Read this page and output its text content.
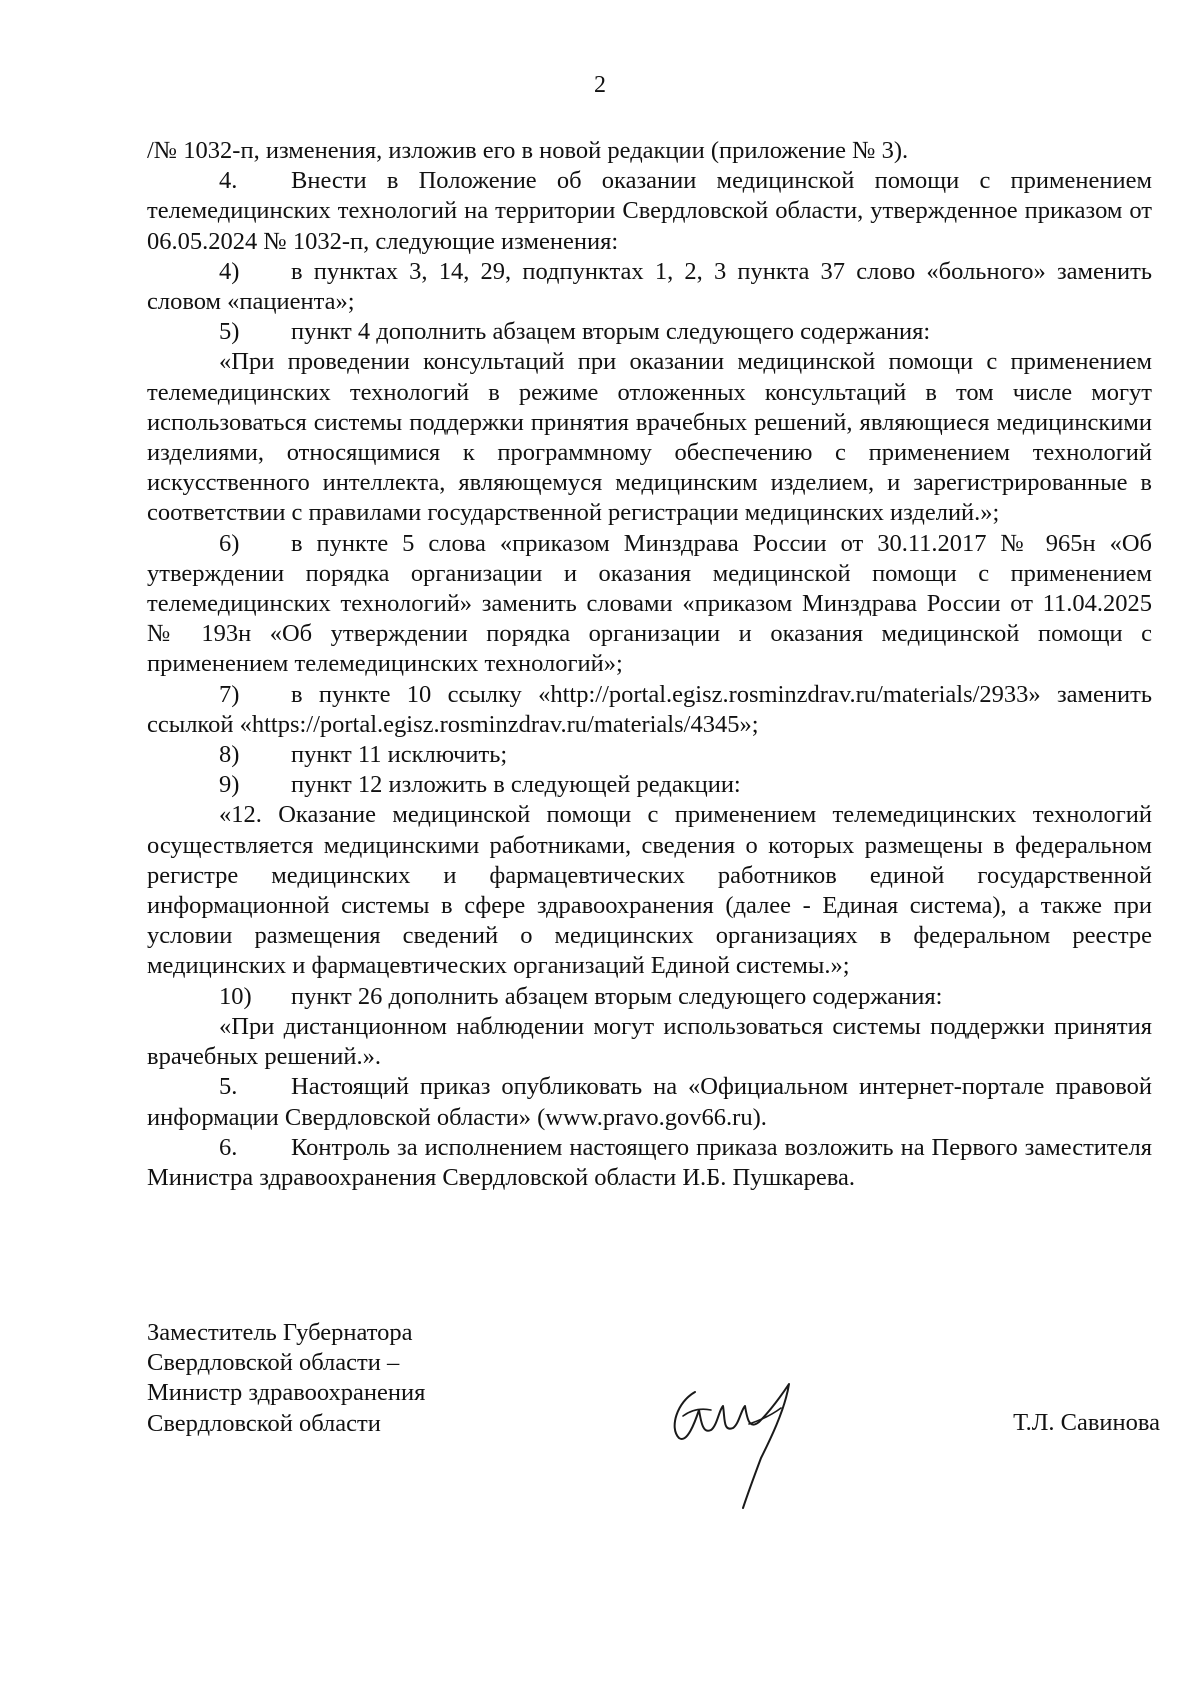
2

/№ 1032-п, изменения, изложив его в новой редакции (приложение № 3).

4. Внести в Положение об оказании медицинской помощи с применением телемедицинских технологий на территории Свердловской области, утвержденное приказом от 06.05.2024 № 1032-п, следующие изменения:

4) в пунктах 3, 14, 29, подпунктах 1, 2, 3 пункта 37 слово «больного» заменить словом «пациента»;

5) пункт 4 дополнить абзацем вторым следующего содержания:

«При проведении консультаций при оказании медицинской помощи с применением телемедицинских технологий в режиме отложенных консультаций в том числе могут использоваться системы поддержки принятия врачебных решений, являющиеся медицинскими изделиями, относящимися к программному обеспечению с применением технологий искусственного интеллекта, являющемуся медицинским изделием, и зарегистрированные в соответствии с правилами государственной регистрации медицинских изделий.»;

6) в пункте 5 слова «приказом Минздрава России от 30.11.2017 № 965н «Об утверждении порядка организации и оказания медицинской помощи с применением телемедицинских технологий» заменить словами «приказом Минздрава России от 11.04.2025 № 193н «Об утверждении порядка организации и оказания медицинской помощи с применением телемедицинских технологий»;

7) в пункте 10 ссылку «http://portal.egisz.rosminzdrav.ru/materials/2933» заменить ссылкой «https://portal.egisz.rosminzdrav.ru/materials/4345»;

8) пункт 11 исключить;

9) пункт 12 изложить в следующей редакции:

«12. Оказание медицинской помощи с применением телемедицинских технологий осуществляется медицинскими работниками, сведения о которых размещены в федеральном регистре медицинских и фармацевтических работников единой государственной информационной системы в сфере здравоохранения (далее - Единая система), а также при условии размещения сведений о медицинских организациях в федеральном реестре медицинских и фармацевтических организаций Единой системы.»;

10) пункт 26 дополнить абзацем вторым следующего содержания:

«При дистанционном наблюдении могут использоваться системы поддержки принятия врачебных решений.».

5. Настоящий приказ опубликовать на «Официальном интернет-портале правовой информации Свердловской области» (www.pravo.gov66.ru).

6. Контроль за исполнением настоящего приказа возложить на Первого заместителя Министра здравоохранения Свердловской области И.Б. Пушкарева.

Заместитель Губернатора
Свердловской области –
Министр здравоохранения
Свердловской области	Т.Л. Савинова
